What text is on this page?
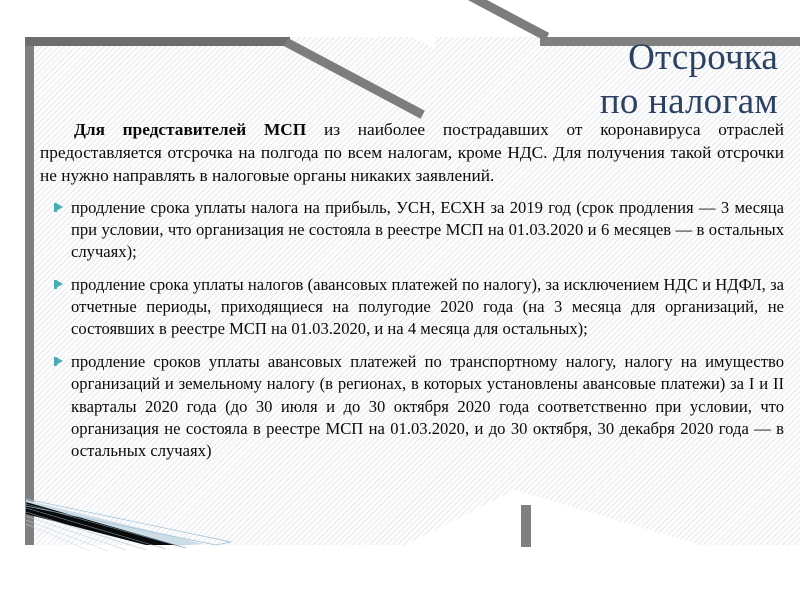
Отсрочка
по налогам

Для представителей МСП из наиболее пострадавших от коронавируса отраслей предоставляется отсрочка на полгода по всем налогам, кроме НДС. Для получения такой отсрочки не нужно направлять в налоговые органы никаких заявлений.

продление срока уплаты налога на прибыль, УСН, ЕСХН за 2019 год (срок продления — 3 месяца при условии, что организация не состояла в реестре МСП на 01.03.2020 и 6 месяцев — в остальных случаях);
продление срока уплаты налогов (авансовых платежей по налогу), за исключением НДС и НДФЛ, за отчетные периоды, приходящиеся на полугодие 2020 года (на 3 месяца для организаций, не состоявших в реестре МСП на 01.03.2020, и на 4 месяца для остальных);
продление сроков уплаты авансовых платежей по транспортному налогу, налогу на имущество организаций и земельному налогу (в регионах, в которых установлены авансовые платежи) за I и II кварталы 2020 года (до 30 июля и до 30 октября 2020 года соответственно при условии, что организация не состояла в реестре МСП на 01.03.2020, и до 30 октября, 30 декабря 2020 года — в остальных случаях)
